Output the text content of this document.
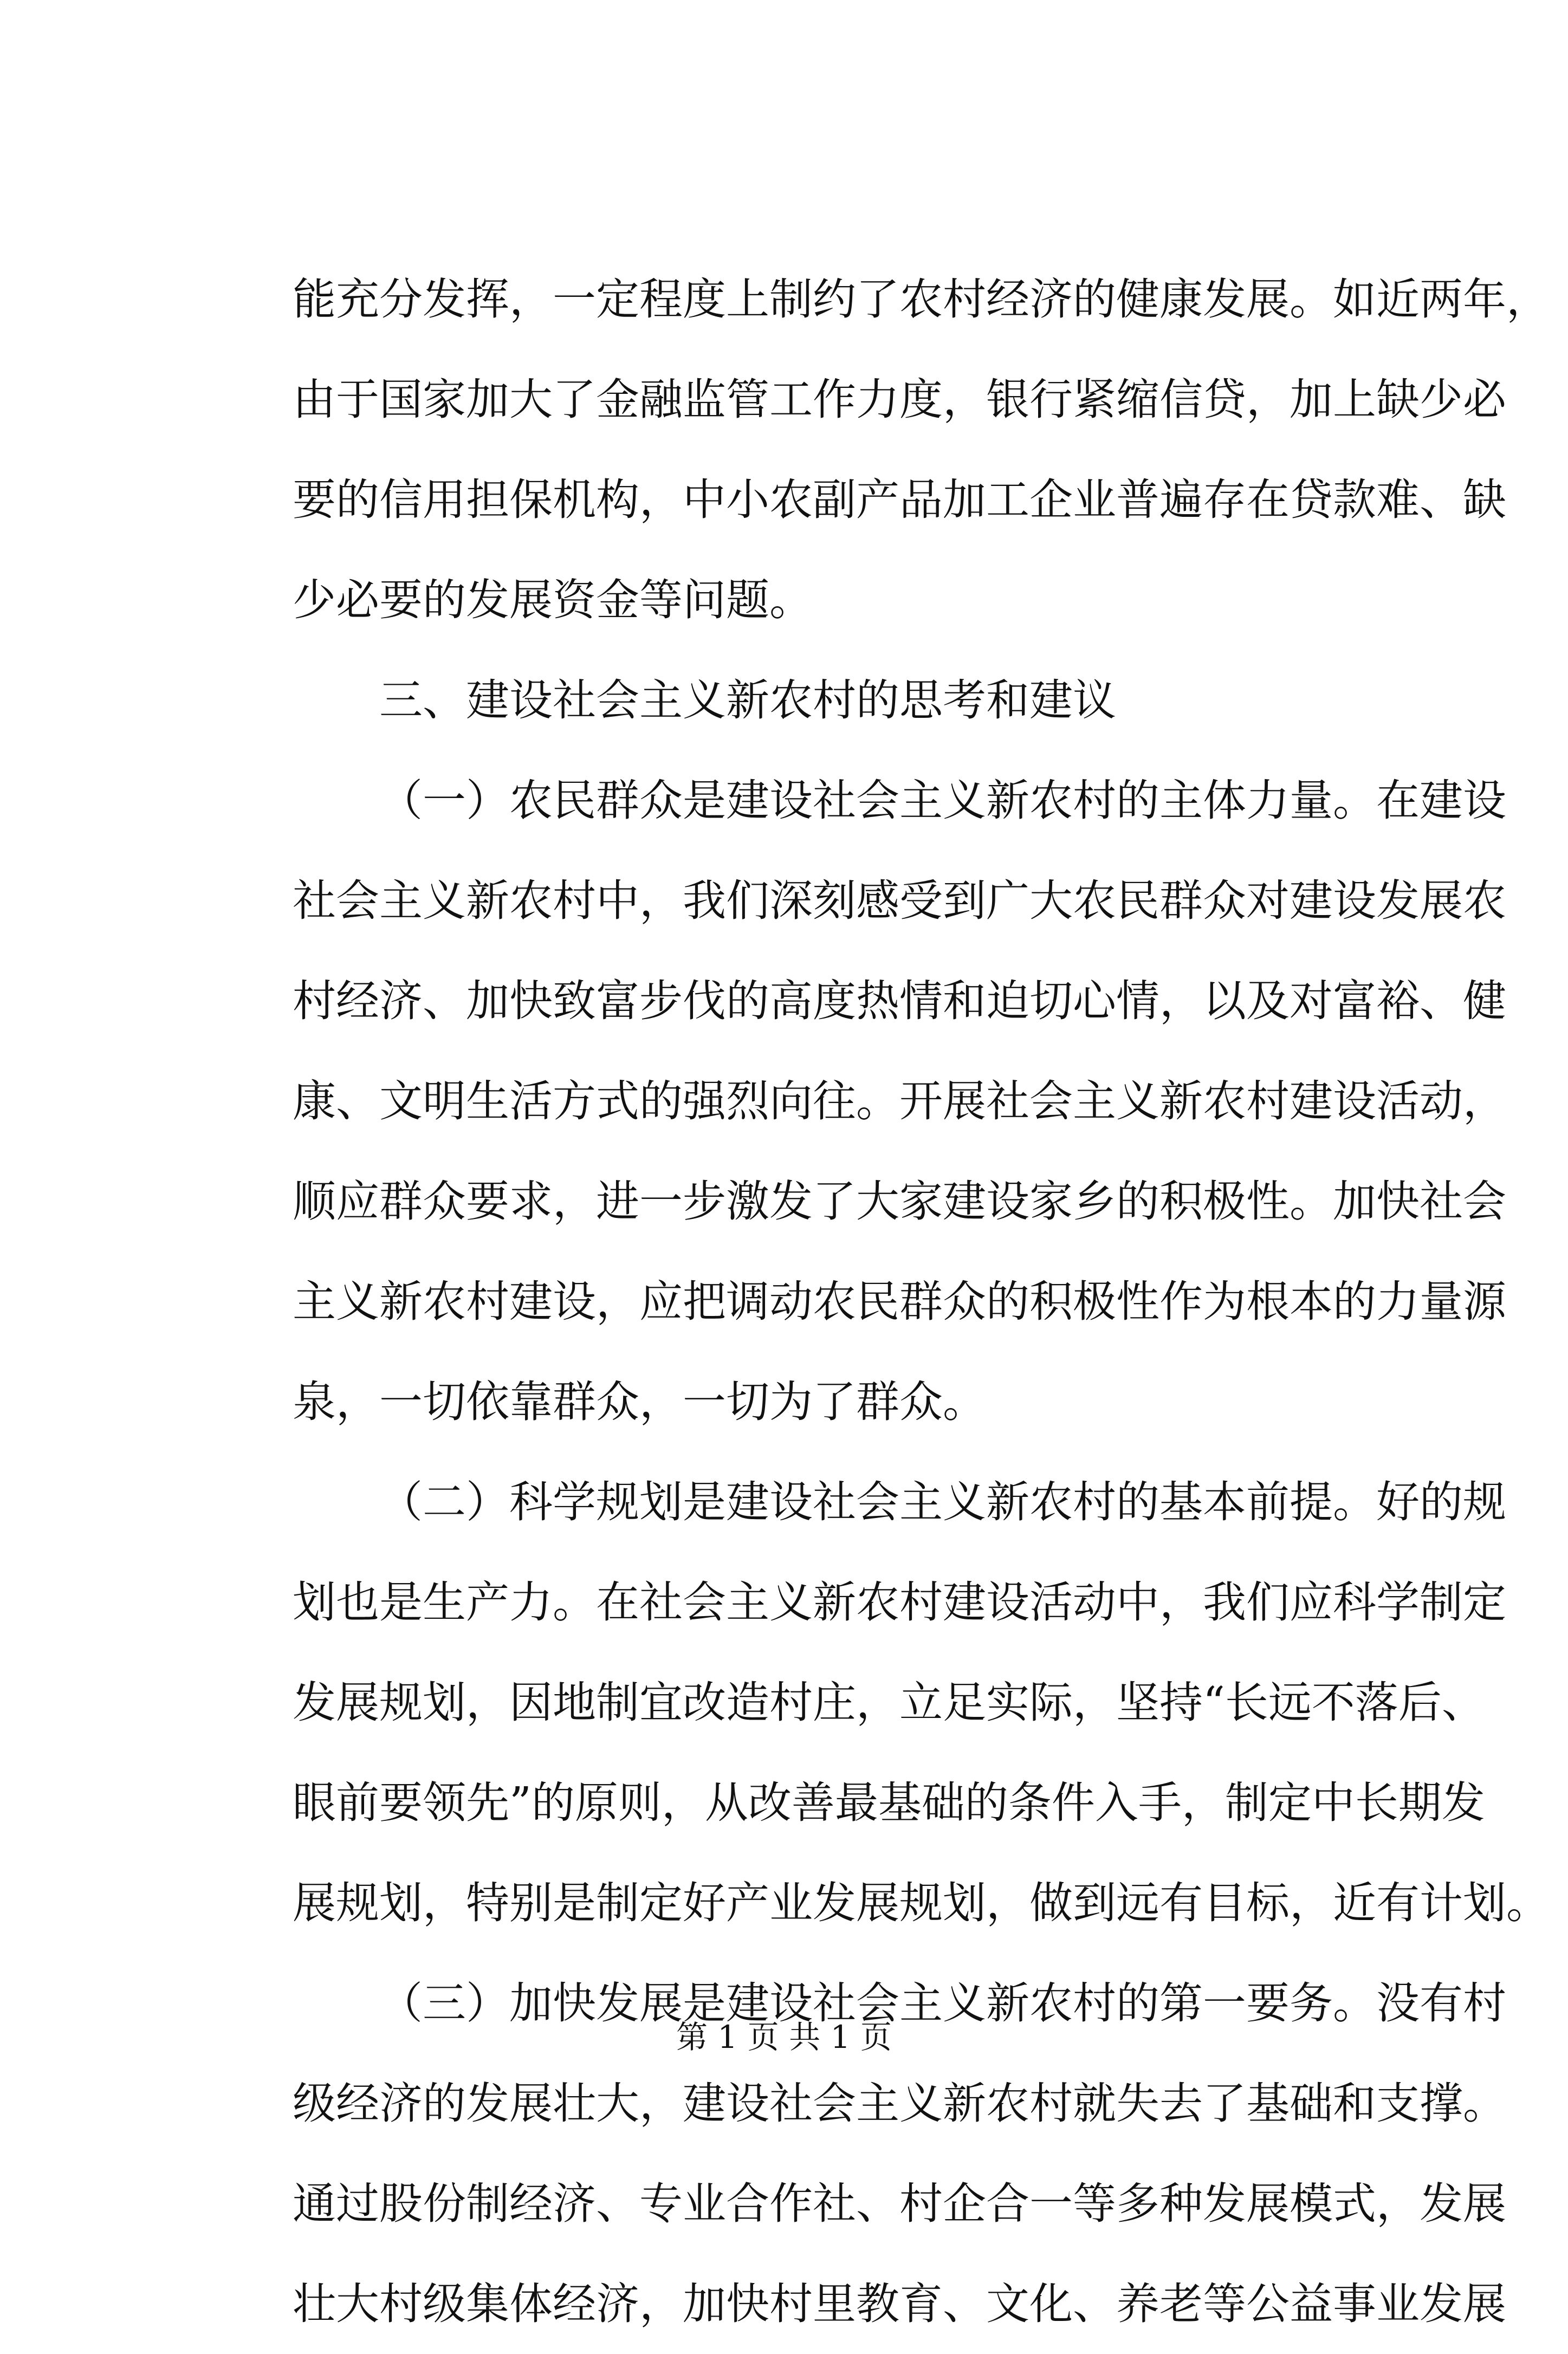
能充分发挥，一定程度上制约了农村经济的健康发展。如近两年，
由于国家加大了金融监管工作力度，银行紧缩信贷，加上缺少必
要的信用担保机构，中小农副产品加工企业普遍存在贷款难、缺
少必要的发展资金等问题。
三、建设社会主义新农村的思考和建议
（一）农民群众是建设社会主义新农村的主体力量。在建设
社会主义新农村中，我们深刻感受到广大农民群众对建设发展农
村经济、加快致富步伐的高度热情和迫切心情，以及对富裕、健
康、文明生活方式的强烈向往。开展社会主义新农村建设活动，
顺应群众要求，进一步激发了大家建设家乡的积极性。加快社会
主义新农村建设，应把调动农民群众的积极性作为根本的力量源
泉，一切依靠群众，一切为了群众。
（二）科学规划是建设社会主义新农村的基本前提。好的规
划也是生产力。在社会主义新农村建设活动中，我们应科学制定
发展规划，因地制宜改造村庄，立足实际，坚持“长远不落后、
眼前要领先”的原则，从改善最基础的条件入手，制定中长期发
展规划，特别是制定好产业发展规划，做到远有目标，近有计划。
（三）加快发展是建设社会主义新农村的第一要务。没有村
级经济的发展壮大，建设社会主义新农村就失去了基础和支撑。
通过股份制经济、专业合作社、村企合一等多种发展模式，发展
壮大村级集体经济，加快村里教育、文化、养老等公益事业发展
第 1 页 共 1 页
